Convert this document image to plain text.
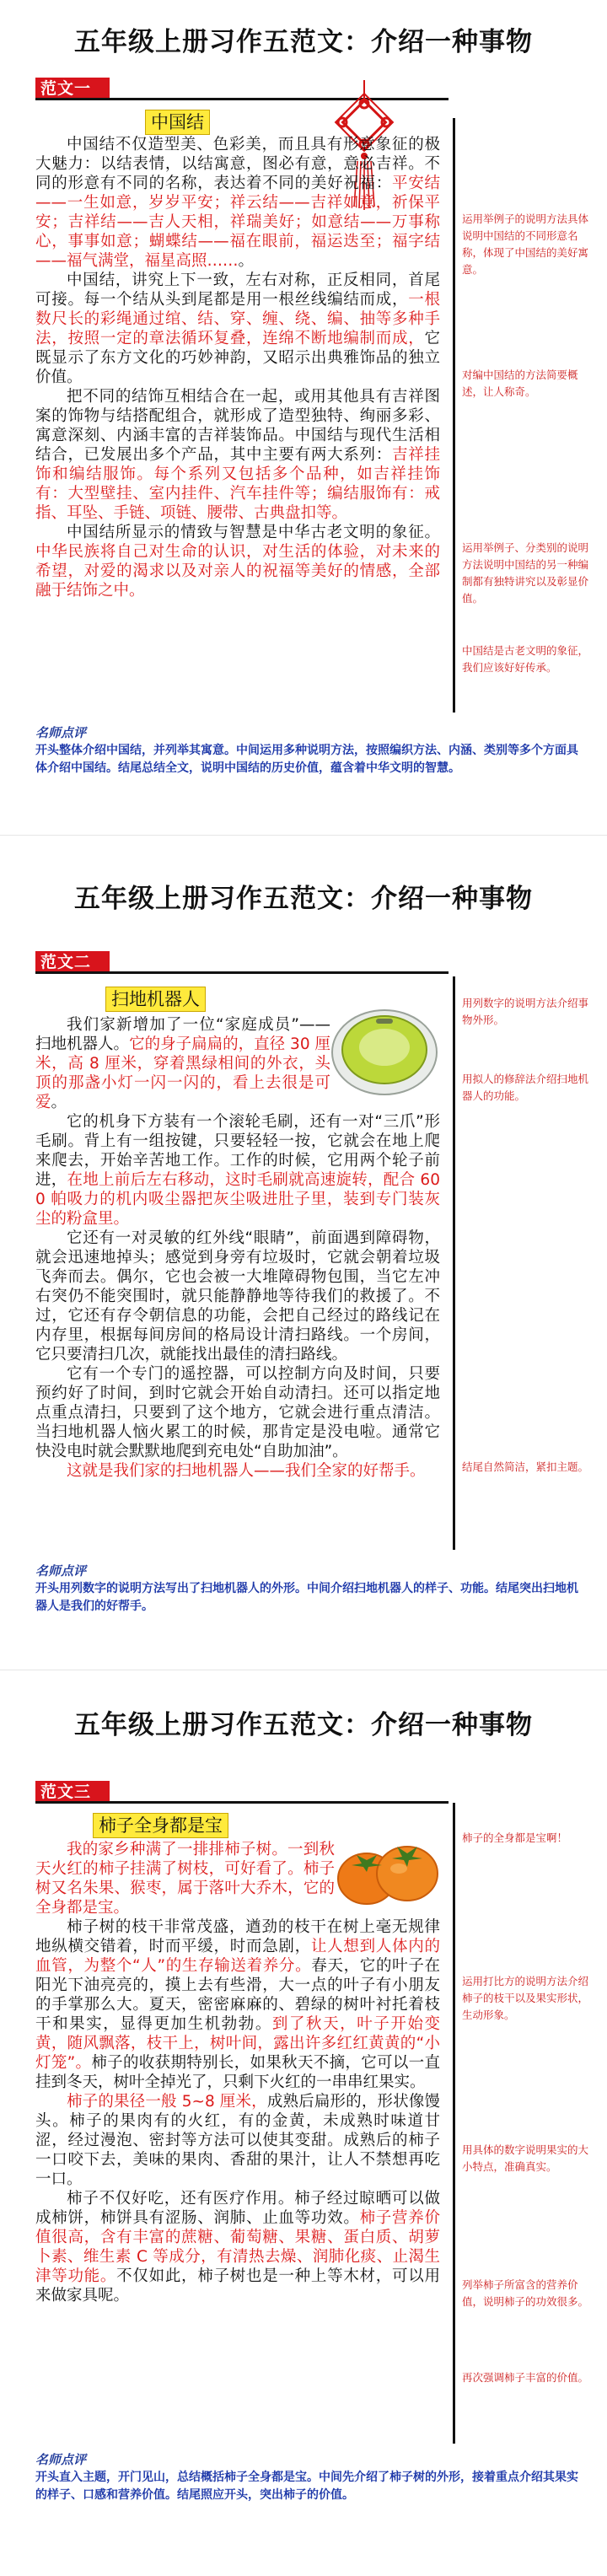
五年级上册习作五范文：介绍一种事物
范文一
中国结

中国结不仅造型美、色彩美，而且具有形意象征的极大魅力：以结表情，以结寓意，图必有意，意必吉祥。不同的形意有不同的名称，表达着不同的美好祝福：平安结——一生如意，岁岁平安；祥云结——吉祥如意，祈保平安；吉祥结——吉人天相，祥瑞美好；如意结——万事称心，事事如意；蝴蝶结——福在眼前，福运迭至；福字结——福气满堂，福星高照……。

中国结，讲究上下一致，左右对称，正反相同，首尾可接。每一个结从头到尾都是用一根丝线编结而成，一根数尺长的彩绳通过绾、结、穿、缠、绕、编、抽等多种手法，按照一定的章法循环复叠，连绵不断地编制而成，它既显示了东方文化的巧妙神韵，又昭示出典雅饰品的独立价值。

把不同的结饰互相结合在一起，或用其他具有吉祥图案的饰物与结搭配组合，就形成了造型独特、绚丽多彩、寓意深刻、内涵丰富的吉祥装饰品。中国结与现代生活相结合，已发展出多个产品，其中主要有两大系列：吉祥挂饰和编结服饰。每个系列又包括多个品种，如吉祥挂饰有：大型壁挂、室内挂件、汽车挂件等；编结服饰有：戒指、耳坠、手链、项链、腰带、古典盘扣等。

中国结所显示的情致与智慧是中华古老文明的象征。中华民族将自己对生命的认识，对生活的体验，对未来的希望，对爱的渴求以及对亲人的祝福等美好的情感，全部融于结饰之中。

运用举例子的说明方法具体说明中国结的不同形意名称，体现了中国结的美好寓意。
对编中国结的方法简要概述，让人称奇。
运用举例子、分类别的说明方法说明中国结的另一种编制都有独特讲究以及彰显价值。
中国结是古老文明的象征，我们应该好好传承。
名师点评
开头整体介绍中国结，并列举其寓意。中间运用多种说明方法，按照编织方法、内涵、类别等多个方面具体介绍中国结。结尾总结全文，说明中国结的历史价值，蕴含着中华文明的智慧。
五年级上册习作五范文：介绍一种事物
范文二
扫地机器人

我们家新增加了一位“家庭成员”——扫地机器人。它的身子扁扁的，直径 30 厘米，高 8 厘米，穿着黑绿相间的外衣，头顶的那盏小灯一闪一闪的，看上去很是可爱。

它的机身下方装有一个滚轮毛刷，还有一对“三爪”形毛刷。背上有一组按键，只要轻轻一按，它就会在地上爬来爬去，开始辛苦地工作。工作的时候，它用两个轮子前进，在地上前后左右移动，这时毛刷就高速旋转，配合 600 帕吸力的机内吸尘器把灰尘吸进肚子里，装到专门装灰尘的粉盒里。

它还有一对灵敏的红外线“眼睛”，前面遇到障碍物，就会迅速地掉头；感觉到身旁有垃圾时，它就会朝着垃圾飞奔而去。偶尔，它也会被一大堆障碍物包围，当它左冲右突仍不能突围时，就只能静静地等待我们的救援了。不过，它还有存令朝信息的功能，会把自己经过的路线记在内存里，根据每间房间的格局设计清扫路线。一个房间，它只要清扫几次，就能找出最佳的清扫路线。

它有一个专门的遥控器，可以控制方向及时间，只要预约好了时间，到时它就会开始自动清扫。还可以指定地点重点清扫，只要到了这个地方，它就会进行重点清洁。当扫地机器人恼火累工的时候，那肯定是没电啦。通常它快没电时就会默默地爬到充电处“自助加油”。

这就是我们家的扫地机器人——我们全家的好帮手。

用列数字的说明方法介绍事物外形。
用拟人的修辞法介绍扫地机器人的功能。
结尾自然简洁，紧扣主题。
名师点评
开头用列数字的说明方法写出了扫地机器人的外形。中间介绍扫地机器人的样子、功能。结尾突出扫地机器人是我们的好帮手。
五年级上册习作五范文：介绍一种事物
范文三
柿子全身都是宝

我的家乡种满了一排排柿子树。一到秋天火红的柿子挂满了树枝，可好看了。柿子树又名朱果、猴枣，属于落叶大乔木，它的全身都是宝。

柿子树的枝干非常茂盛，遒劲的枝干在树上毫无规律地纵横交错着，时而平缓，时而急剧，让人想到人体内的血管，为整个“人”的生存输送着养分。春天，它的叶子在阳光下油亮亮的，摸上去有些滑，大一点的叶子有小朋友的手掌那么大。夏天，密密麻麻的、碧绿的树叶衬托着枝干和果实，显得更加生机勃勃。到了秋天，叶子开始变黄，随风飘落，枝干上，树叶间，露出许多红红黄黄的“小灯笼”。柿子的收获期特别长，如果秋天不摘，它可以一直挂到冬天，树叶全掉光了，只剩下火红的一串串红果实。

柿子的果径一般 5~8 厘米，成熟后扁形的，形状像馒头。柿子的果肉有的火红，有的金黄，未成熟时味道甘涩，经过漫泡、密封等方法可以使其变甜。成熟后的柿子一口咬下去，美味的果肉、香甜的果汁，让人不禁想再吃一口。

柿子不仅好吃，还有医疗作用。柿子经过晾晒可以做成柿饼，柿饼具有涩肠、润肺、止血等功效。柿子营养价值很高，含有丰富的蔗糖、葡萄糖、果糖、蛋白质、胡萝卜素、维生素 C 等成分，有清热去燥、润肺化痰、止渴生津等功能。不仅如此，柿子树也是一种上等木材，可以用来做家具呢。

柿子的全身都是宝啊！
运用打比方的说明方法介绍柿子的枝干以及果实形状，生动形象。
用具体的数字说明果实的大小特点，准确真实。
列举柿子所富含的营养价值，说明柿子的功效很多。
再次强调柿子丰富的价值。
名师点评
开头直入主题，开门见山，总结概括柿子全身都是宝。中间先介绍了柿子树的外形，接着重点介绍其果实的样子、口感和营养价值。结尾照应开头，突出柿子的价值。
